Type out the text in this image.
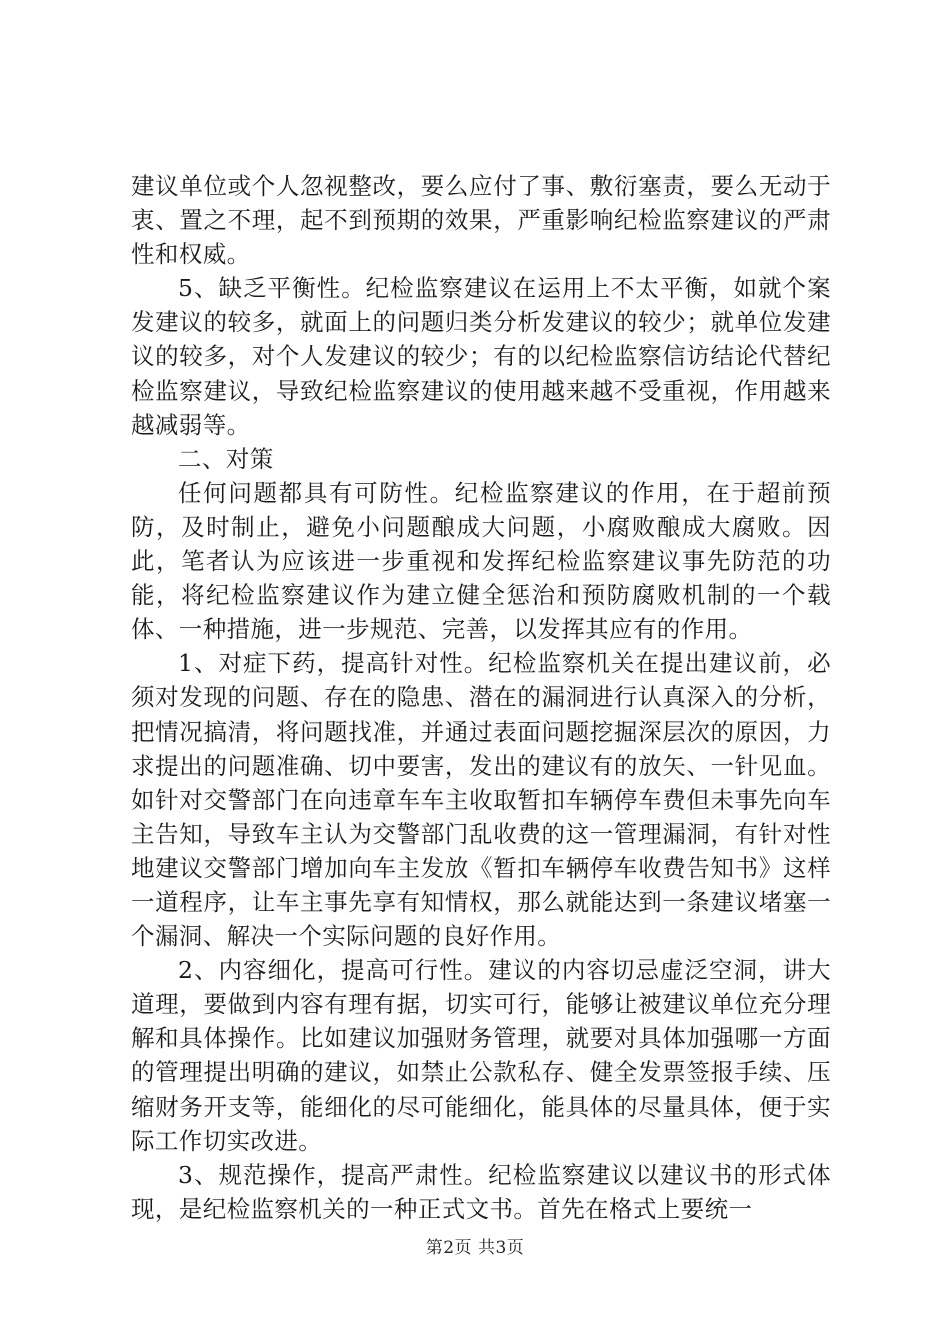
建议单位或个人忽视整改，要么应付了事、敷衍塞责，要么无动于衷、置之不理，起不到预期的效果，严重影响纪检监察建议的严肃性和权威。

5、缺乏平衡性。纪检监察建议在运用上不太平衡，如就个案发建议的较多，就面上的问题归类分析发建议的较少；就单位发建议的较多，对个人发建议的较少；有的以纪检监察信访结论代替纪检监察建议，导致纪检监察建议的使用越来越不受重视，作用越来越减弱等。

二、对策

任何问题都具有可防性。纪检监察建议的作用，在于超前预防，及时制止，避免小问题酿成大问题，小腐败酿成大腐败。因此，笔者认为应该进一步重视和发挥纪检监察建议事先防范的功能，将纪检监察建议作为建立健全惩治和预防腐败机制的一个载体、一种措施，进一步规范、完善，以发挥其应有的作用。

1、对症下药，提高针对性。纪检监察机关在提出建议前，必须对发现的问题、存在的隐患、潜在的漏洞进行认真深入的分析，把情况搞清，将问题找准，并通过表面问题挖掘深层次的原因，力求提出的问题准确、切中要害，发出的建议有的放矢、一针见血。如针对交警部门在向违章车车主收取暂扣车辆停车费但未事先向车主告知，导致车主认为交警部门乱收费的这一管理漏洞，有针对性地建议交警部门增加向车主发放《暂扣车辆停车收费告知书》这样一道程序，让车主事先享有知情权，那么就能达到一条建议堵塞一个漏洞、解决一个实际问题的良好作用。

2、内容细化，提高可行性。建议的内容切忌虚泛空洞，讲大道理，要做到内容有理有据，切实可行，能够让被建议单位充分理解和具体操作。比如建议加强财务管理，就要对具体加强哪一方面的管理提出明确的建议，如禁止公款私存、健全发票签报手续、压缩财务开支等，能细化的尽可能细化，能具体的尽量具体，便于实际工作切实改进。

3、规范操作，提高严肃性。纪检监察建议以建议书的形式体现，是纪检监察机关的一种正式文书。首先在格式上要统一

第2页 共3页
